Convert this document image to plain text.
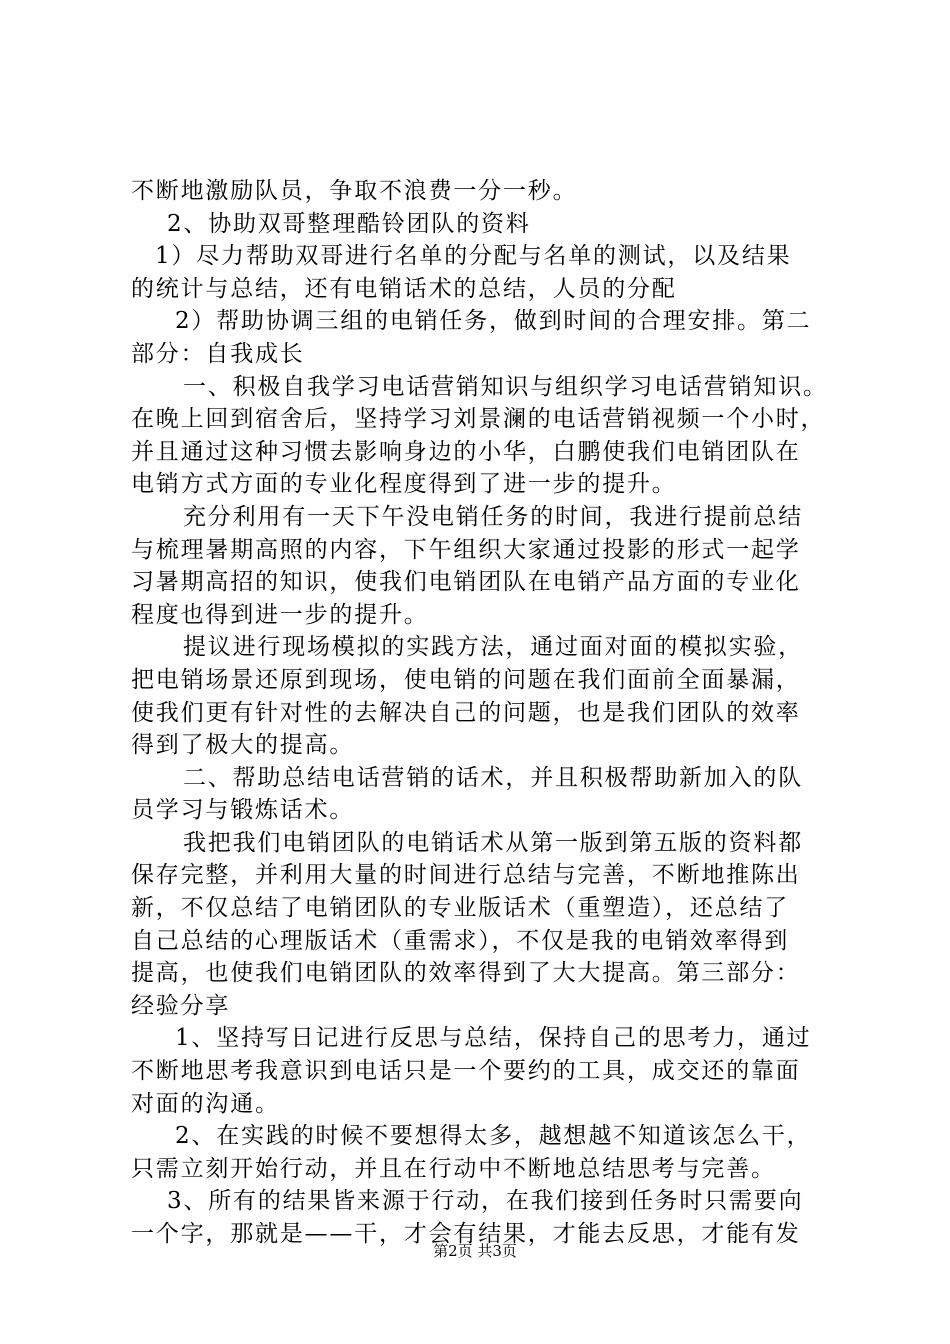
不断地激励队员，争取不浪费一分一秒。
2、协助双哥整理酷铃团队的资料
1）尽力帮助双哥进行名单的分配与名单的测试，以及结果
的统计与总结，还有电销话术的总结，人员的分配
2）帮助协调三组的电销任务，做到时间的合理安排。第二
部分：自我成长
一、积极自我学习电话营销知识与组织学习电话营销知识。
在晚上回到宿舍后，坚持学习刘景澜的电话营销视频一个小时，
并且通过这种习惯去影响身边的小华，白鹏使我们电销团队在
电销方式方面的专业化程度得到了进一步的提升。
充分利用有一天下午没电销任务的时间，我进行提前总结
与梳理暑期高照的内容，下午组织大家通过投影的形式一起学
习暑期高招的知识，使我们电销团队在电销产品方面的专业化
程度也得到进一步的提升。
提议进行现场模拟的实践方法，通过面对面的模拟实验，
把电销场景还原到现场，使电销的问题在我们面前全面暴漏，
使我们更有针对性的去解决自己的问题，也是我们团队的效率
得到了极大的提高。
二、帮助总结电话营销的话术，并且积极帮助新加入的队
员学习与锻炼话术。
我把我们电销团队的电销话术从第一版到第五版的资料都
保存完整，并利用大量的时间进行总结与完善，不断地推陈出
新，不仅总结了电销团队的专业版话术（重塑造），还总结了
自己总结的心理版话术（重需求），不仅是我的电销效率得到
提高，也使我们电销团队的效率得到了大大提高。第三部分：
经验分享
1、坚持写日记进行反思与总结，保持自己的思考力，通过
不断地思考我意识到电话只是一个要约的工具，成交还的靠面
对面的沟通。
2、在实践的时候不要想得太多，越想越不知道该怎么干，
只需立刻开始行动，并且在行动中不断地总结思考与完善。
3、所有的结果皆来源于行动，在我们接到任务时只需要向
一个字，那就是——干，才会有结果，才能去反思，才能有发
第2页 共3页
